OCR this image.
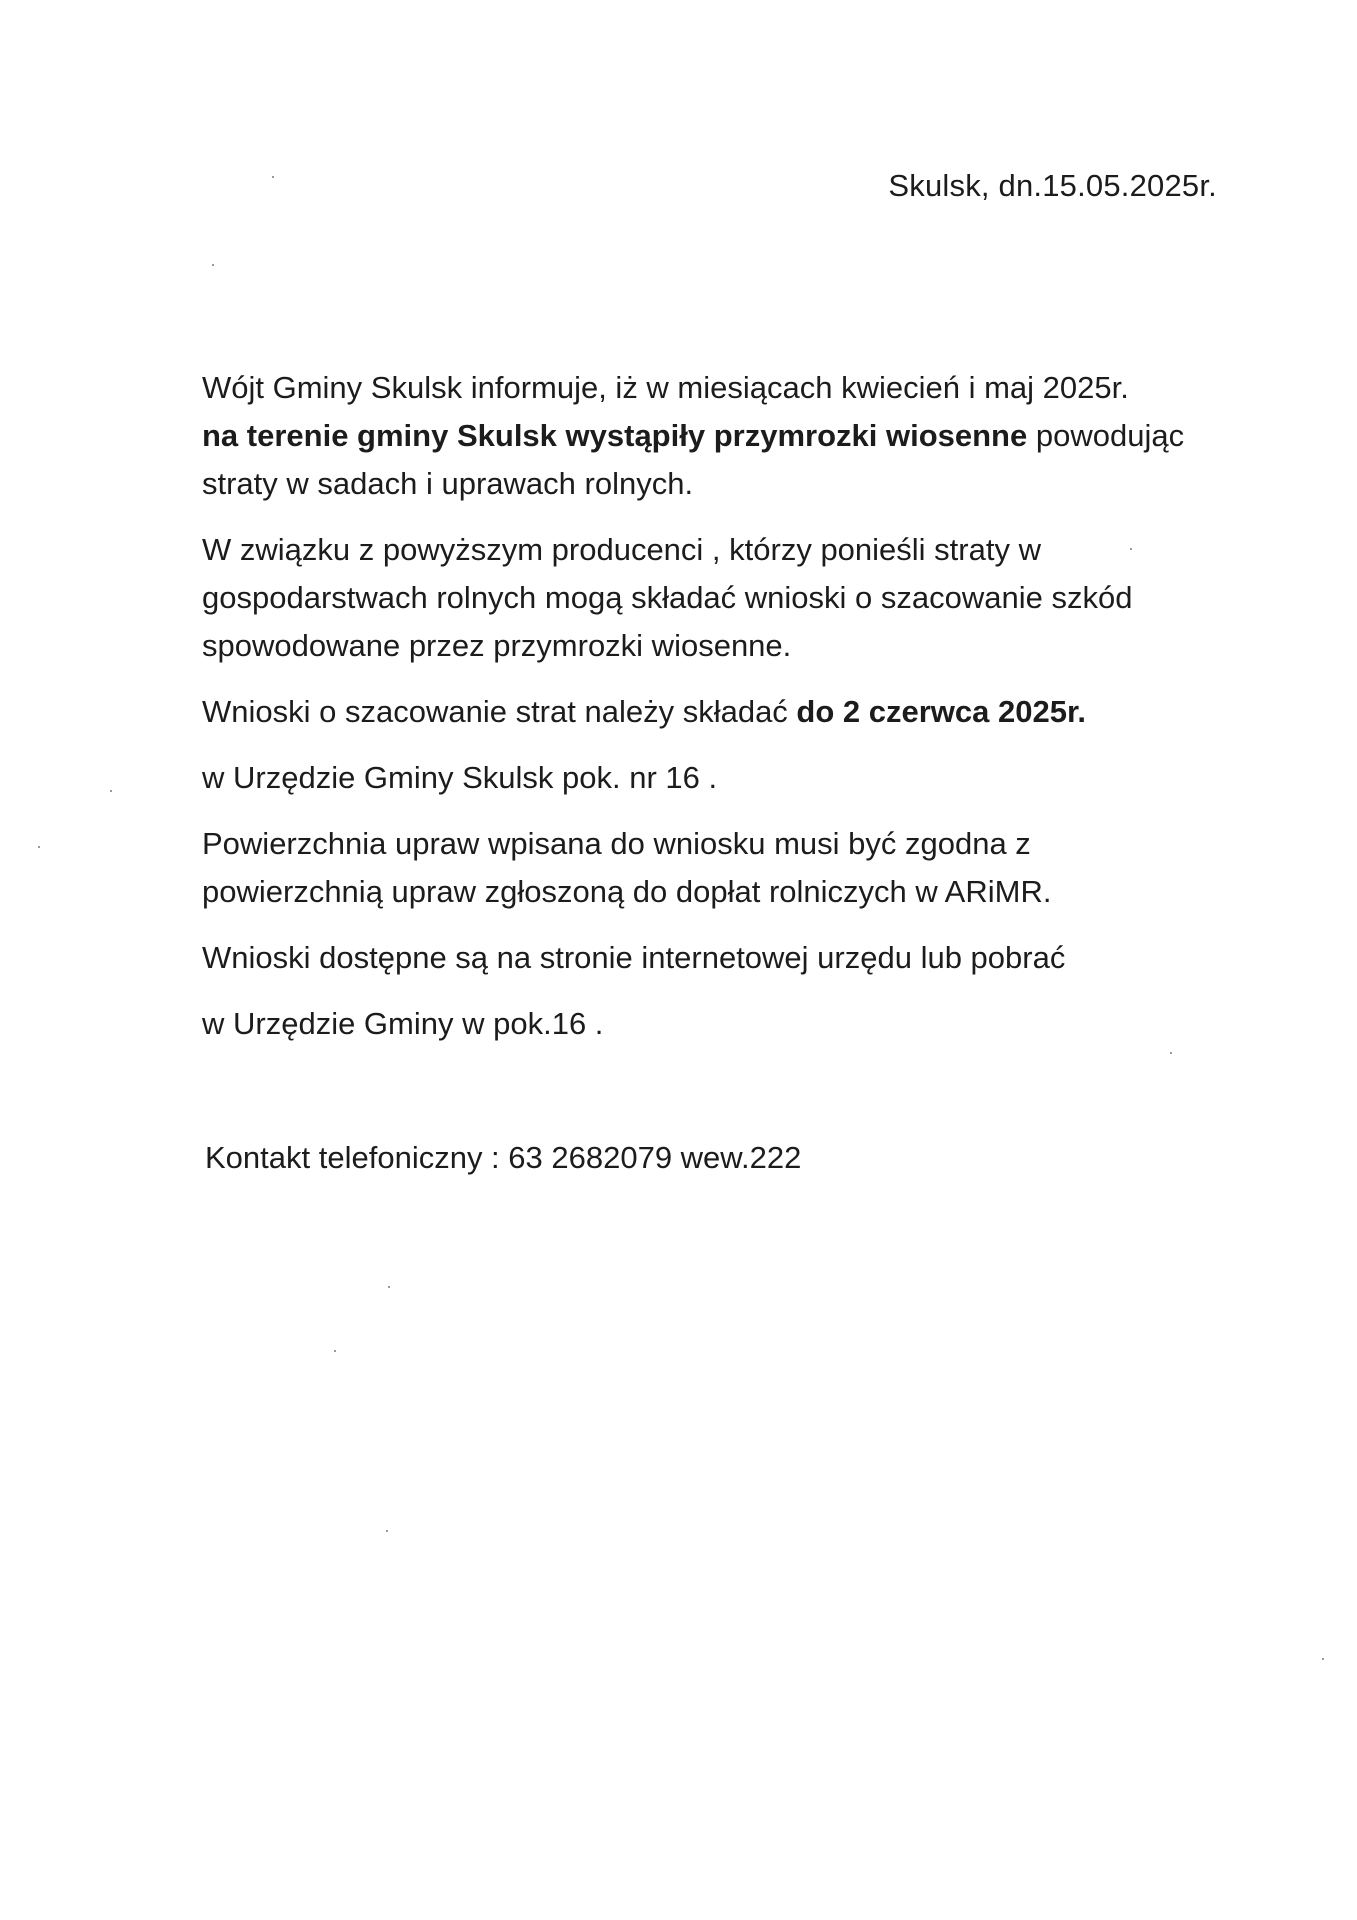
Skulsk, dn.15.05.2025r.
Wójt Gminy Skulsk informuje, iż w miesiącach kwiecień i maj 2025r.
na terenie gminy Skulsk wystąpiły przymrozki wiosenne powodując
straty w sadach i uprawach rolnych.
W związku z powyższym producenci , którzy ponieśli straty w
gospodarstwach rolnych mogą składać wnioski o szacowanie szkód
spowodowane przez przymrozki wiosenne.
Wnioski o szacowanie strat należy składać do 2 czerwca 2025r.
w Urzędzie Gminy Skulsk pok. nr 16 .
Powierzchnia upraw wpisana do wniosku musi być zgodna z
powierzchnią upraw zgłoszoną do dopłat rolniczych w ARiMR.
Wnioski dostępne są na stronie internetowej urzędu lub pobrać
w Urzędzie Gminy w pok.16 .
Kontakt telefoniczny : 63 2682079 wew.222
